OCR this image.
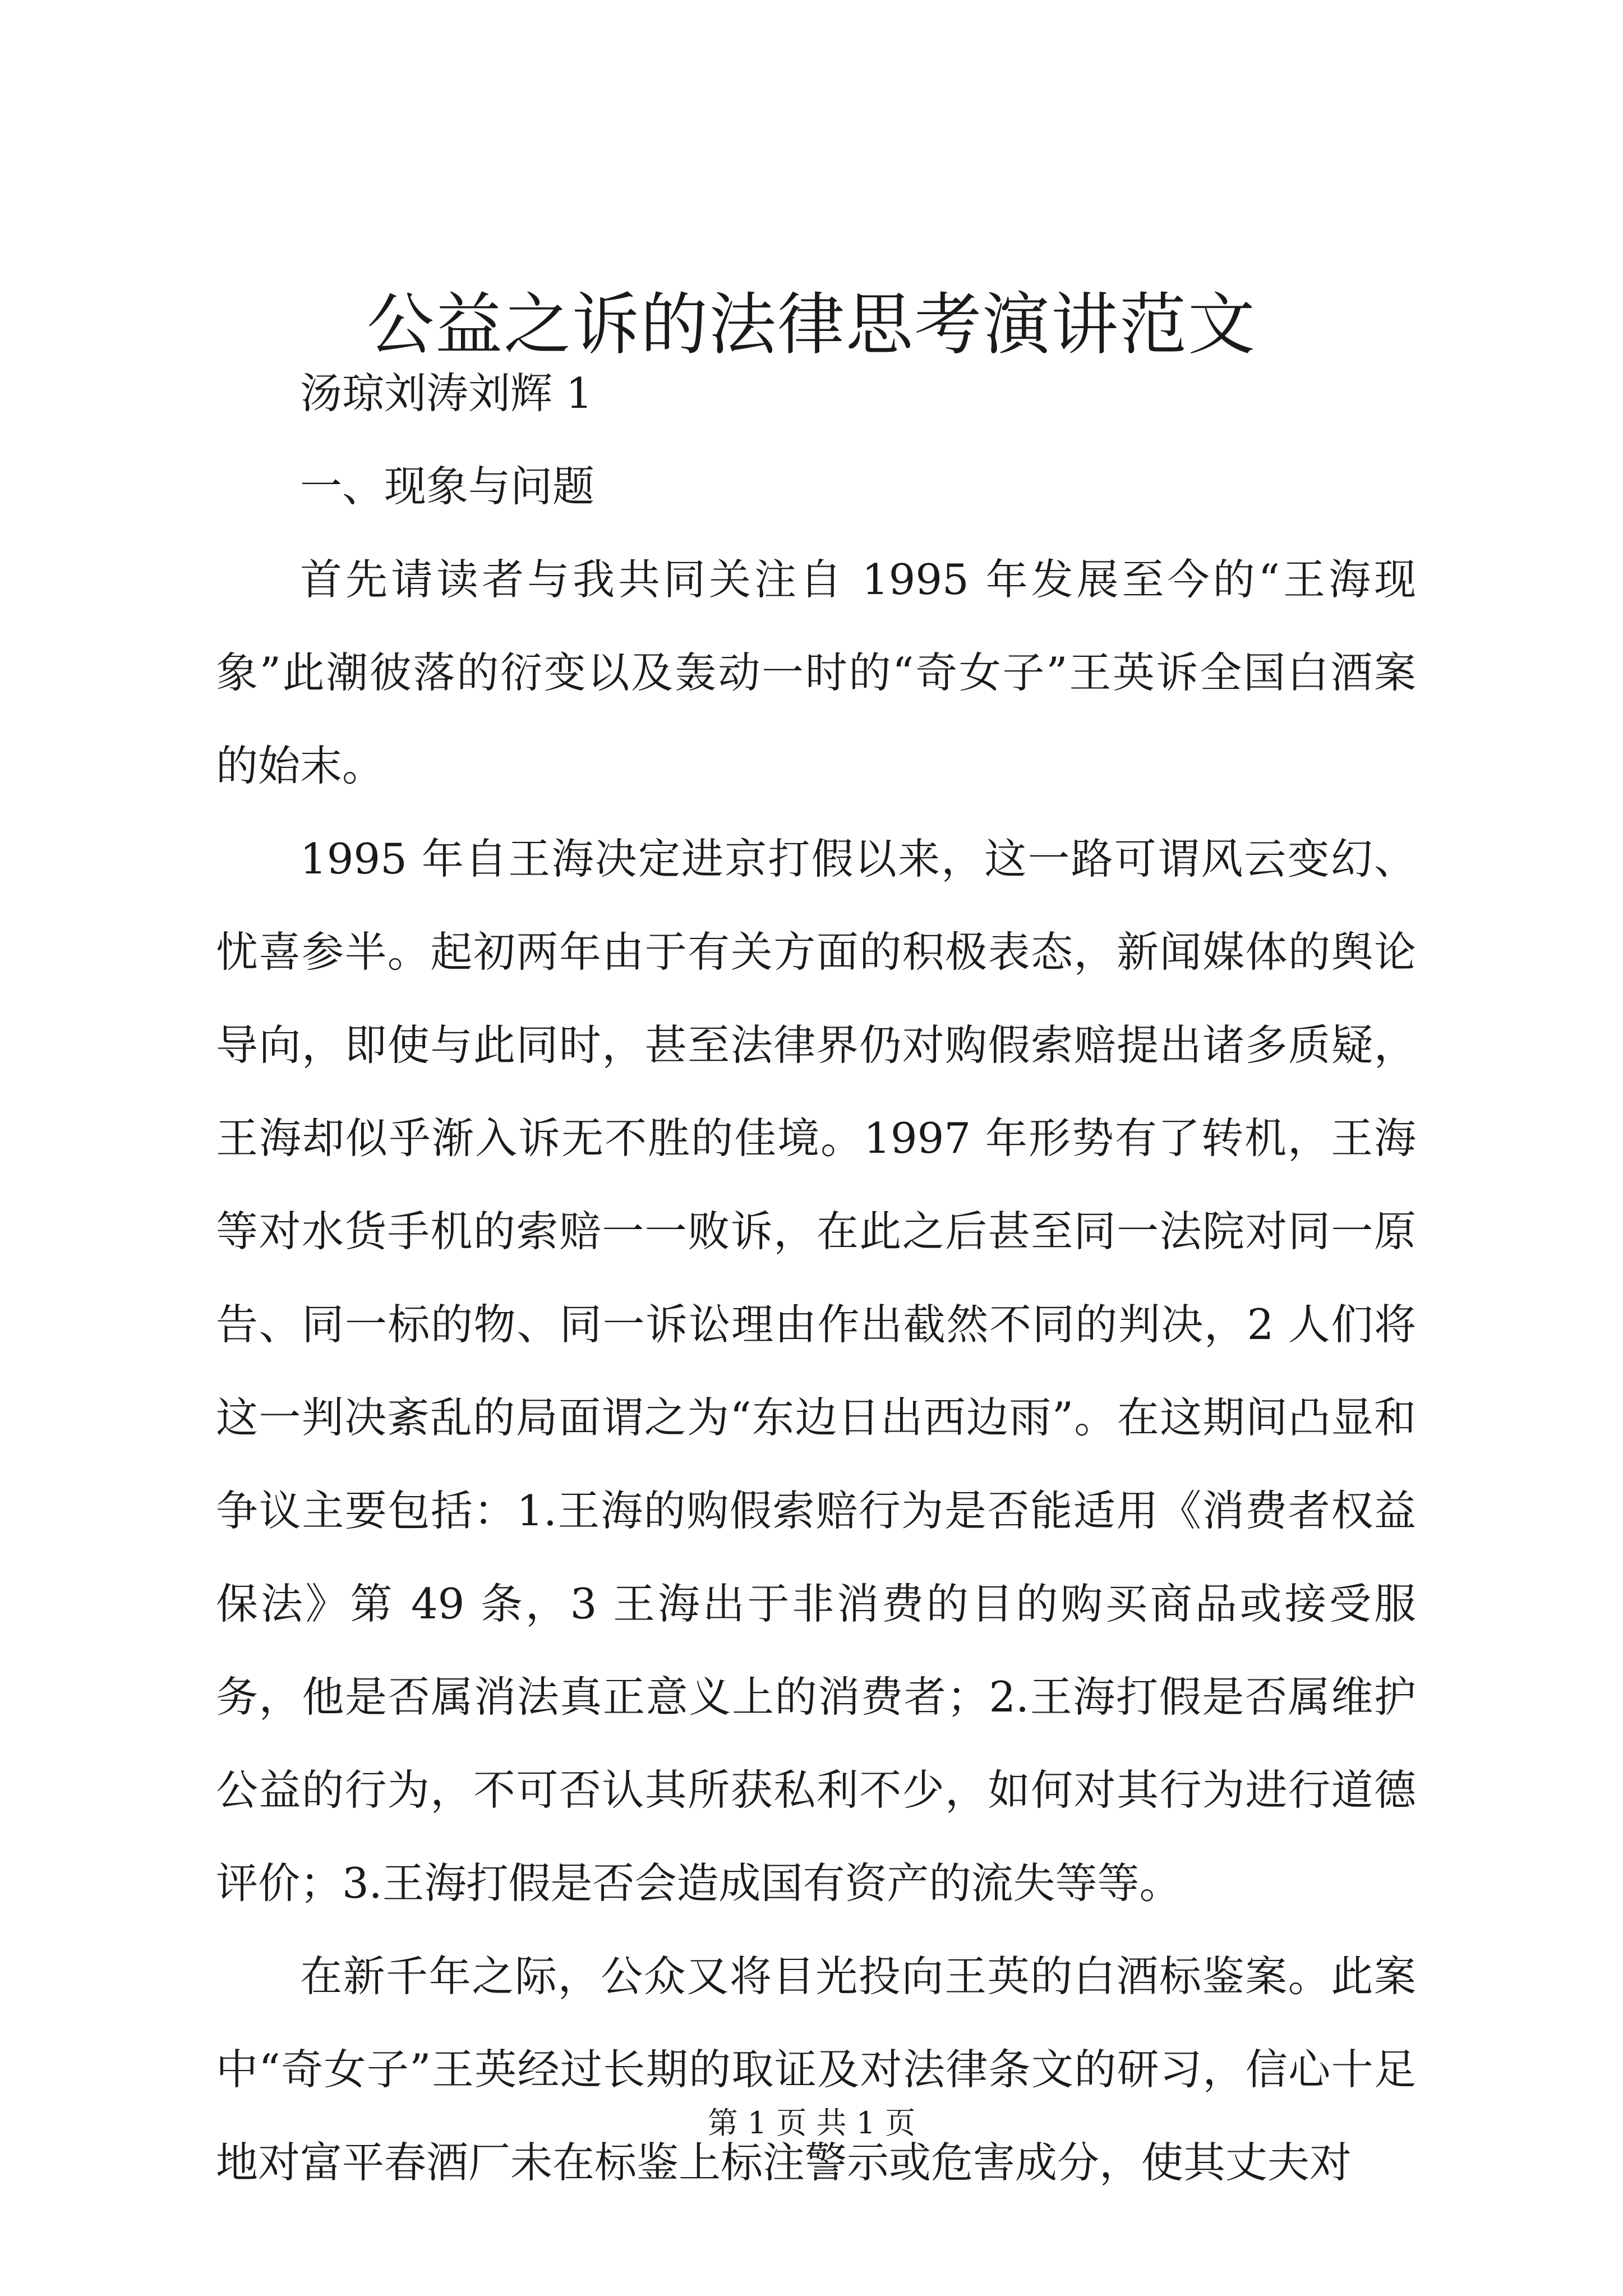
公益之诉的法律思考演讲范文

汤琼刘涛刘辉 1

一、现象与问题

首先请读者与我共同关注自 1995 年发展至今的“王海现象”此潮彼落的衍变以及轰动一时的“奇女子”王英诉全国白酒案的始末。

1995 年自王海决定进京打假以来，这一路可谓风云变幻、忧喜参半。起初两年由于有关方面的积极表态，新闻媒体的舆论导向，即使与此同时，甚至法律界仍对购假索赔提出诸多质疑，王海却似乎渐入诉无不胜的佳境。1997 年形势有了转机，王海等对水货手机的索赔一一败诉，在此之后甚至同一法院对同一原告、同一标的物、同一诉讼理由作出截然不同的判决，2 人们将这一判决紊乱的局面谓之为“东边日出西边雨”。在这期间凸显和争议主要包括：1.王海的购假索赔行为是否能适用《消费者权益保法》第 49 条，3 王海出于非消费的目的购买商品或接受服务，他是否属消法真正意义上的消费者；2.王海打假是否属维护公益的行为，不可否认其所获私利不少，如何对其行为进行道德评价；3.王海打假是否会造成国有资产的流失等等。

在新千年之际，公众又将目光投向王英的白酒标鉴案。此案中“奇女子”王英经过长期的取证及对法律条文的研习，信心十足地对富平春酒厂未在标鉴上标注警示或危害成分，使其丈夫对

第 1 页 共 1 页
